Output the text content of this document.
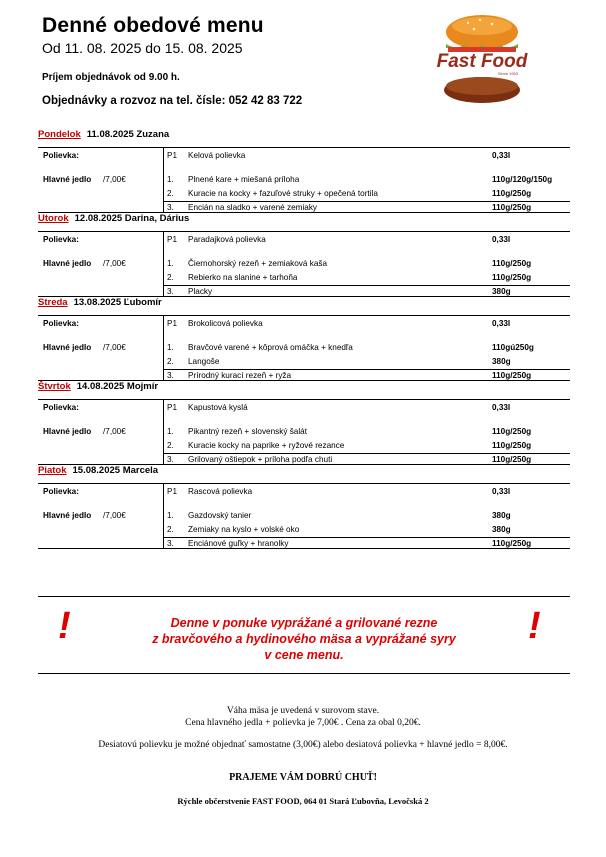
Denné obedové menu
Od 11. 08. 2025 do 15. 08. 2025
Príjem objednávok od 9.00 h.
Objednávky a rozvoz na tel. čísle: 052 42 83 722
Fast Food
Since 1993
Pondelok 11.08.2025 Zuzana
Polievka:	P1 Kelová polievka	0,33l
Hlavné jedlo /7,00€	1. Plnené kare + miešaná príloha	110g/120g/150g
2. Kuracie na kocky + fazuľové struky + opečená tortila	110g/250g
3. Encián na sladko + varené zemiaky	110g/250g
Utorok 12.08.2025 Darina, Dárius
Polievka:	P1 Paradajková polievka	0,33l
Hlavné jedlo /7,00€	1. Čiernohorský rezeň + zemiaková kaša	110g/250g
2. Rebierko na slanine + tarhoňa	110g/250g
3. Placky	380g
Streda 13.08.2025 Ľubomír
Polievka:	P1 Brokolicová polievka	0,33l
Hlavné jedlo /7,00€	1. Bravčové varené + kôprová omáčka + knedľa	110gú250g
2. Langoše	380g
3. Prírodný kurací rezeň + ryža	110g/250g
Štvrtok 14.08.2025 Mojmír
Polievka:	P1 Kapustová kyslá	0,33l
Hlavné jedlo /7,00€	1. Pikantný rezeň + slovenský šalát	110g/250g
2. Kuracie kocky na paprike + ryžové rezance	110g/250g
3. Grilovaný oštiepok + príloha podľa chuti	110g/250g
Piatok 15.08.2025 Marcela
Polievka:	P1 Rascová polievka	0,33l
Hlavné jedlo /7,00€	1. Gazdovský tanier	380g
2. Zemiaky na kyslo + volské oko	380g
3. Enciánové guľky + hranolky	110g/250g
!	Denne v ponuke vyprážané a grilované rezne
z bravčového a hydinového mäsa a vyprážané syry
v cene menu.
!
Váha mäsa je uvedená v surovom stave.
Cena hlavného jedla + polievka je 7,00€ . Cena za obal 0,20€.
Desiatovú polievku je možné objednať samostatne (3,00€) alebo desiatová polievka + hlavné jedlo = 8,00€.
PRAJEME VÁM DOBRÚ CHUŤ!
Rýchle občerstvenie FAST FOOD, 064 01 Stará Ľubovňa, Levočská 2
